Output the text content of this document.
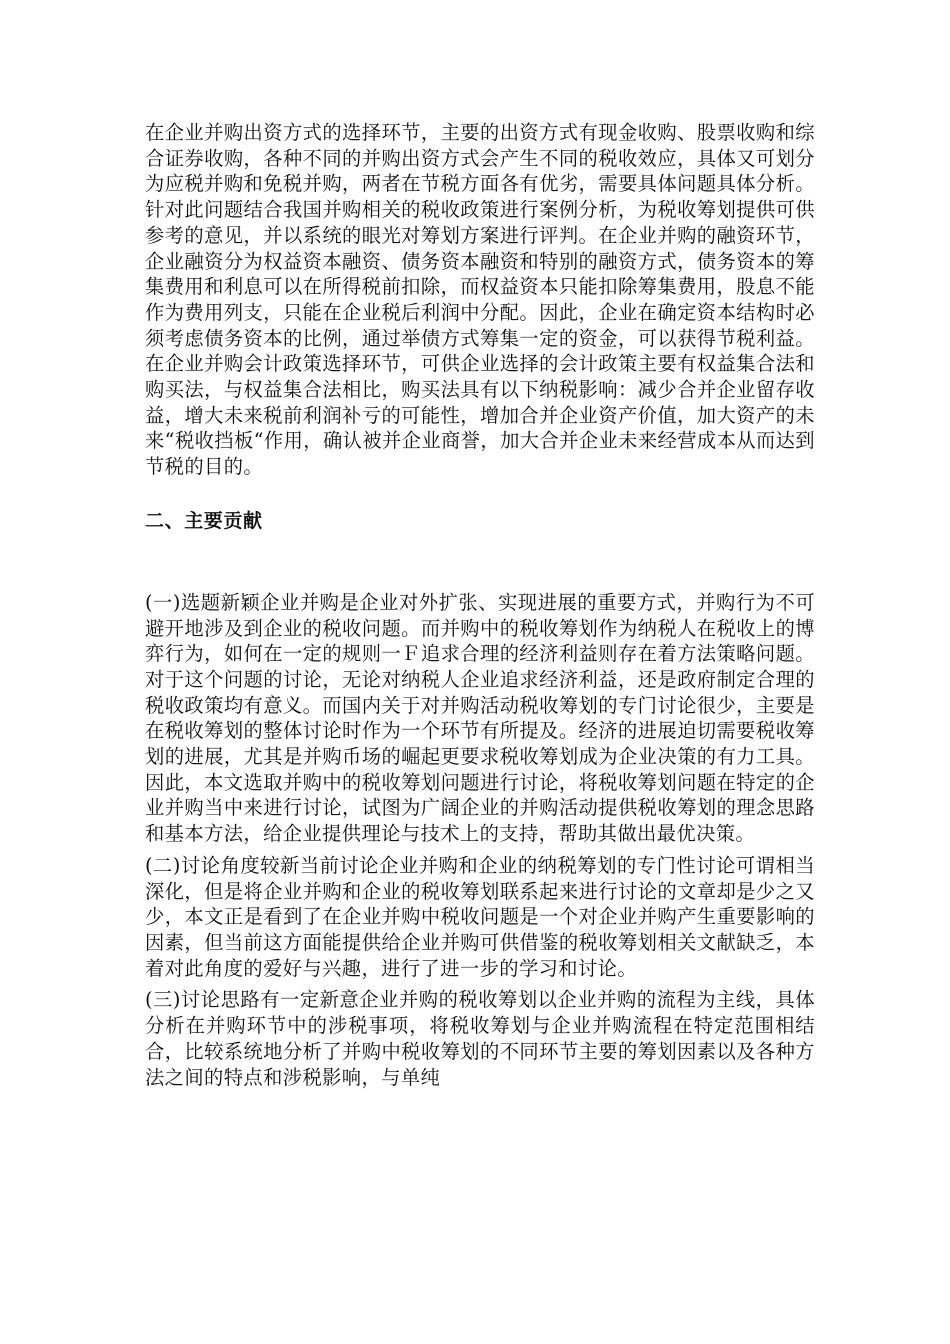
在企业并购出资方式的选择环节，主要的出资方式有现金收购、股票收购和综合证券收购，各种不同的并购出资方式会产生不同的税收效应，具体又可划分为应税并购和免税并购，两者在节税方面各有优劣，需要具体问题具体分析。针对此问题结合我国并购相关的税收政策进行案例分析，为税收筹划提供可供参考的意见，并以系统的眼光对筹划方案进行评判。在企业并购的融资环节，企业融资分为权益资本融资、债务资本融资和特别的融资方式，债务资本的筹集费用和利息可以在所得税前扣除，而权益资本只能扣除筹集费用，股息不能作为费用列支，只能在企业税后利润中分配。因此，企业在确定资本结构时必须考虑债务资本的比例，通过举债方式筹集一定的资金，可以获得节税利益。在企业并购会计政策选择环节，可供企业选择的会计政策主要有权益集合法和购买法，与权益集合法相比，购买法具有以下纳税影响：减少合并企业留存收益，增大未来税前利润补亏的可能性，增加合并企业资产价值，加大资产的未来“税收挡板“作用，确认被并企业商誉，加大合并企业未来经营成本从而达到节税的目的。

二、主要贡献

(一)选题新颖企业并购是企业对外扩张、实现进展的重要方式，并购行为不可避开地涉及到企业的税收问题。而并购中的税收筹划作为纳税人在税收上的博弈行为，如何在一定的规则一Ｆ追求合理的经济利益则存在着方法策略问题。对于这个问题的讨论，无论对纳税人企业追求经济利益，还是政府制定合理的税收政策均有意义。而国内关于对并购活动税收筹划的专门讨论很少，主要是在税收筹划的整体讨论时作为一个环节有所提及。经济的进展迫切需要税收筹划的进展，尤其是并购币场的崛起更要求税收筹划成为企业决策的有力工具。因此，本文选取并购中的税收筹划问题进行讨论，将税收筹划问题在特定的企业并购当中来进行讨论，试图为广阔企业的并购活动提供税收筹划的理念思路和基本方法，给企业提供理论与技术上的支持，帮助其做出最优决策。

(二)讨论角度较新当前讨论企业并购和企业的纳税筹划的专门性讨论可谓相当深化，但是将企业并购和企业的税收筹划联系起来进行讨论的文章却是少之又少，本文正是看到了在企业并购中税收问题是一个对企业并购产生重要影响的因素，但当前这方面能提供给企业并购可供借鉴的税收筹划相关文献缺乏，本着对此角度的爱好与兴趣，进行了进一步的学习和讨论。

(三)讨论思路有一定新意企业并购的税收筹划以企业并购的流程为主线，具体分析在并购环节中的涉税事项，将税收筹划与企业并购流程在特定范围相结合，比较系统地分析了并购中税收筹划的不同环节主要的筹划因素以及各种方法之间的特点和涉税影响，与单纯
